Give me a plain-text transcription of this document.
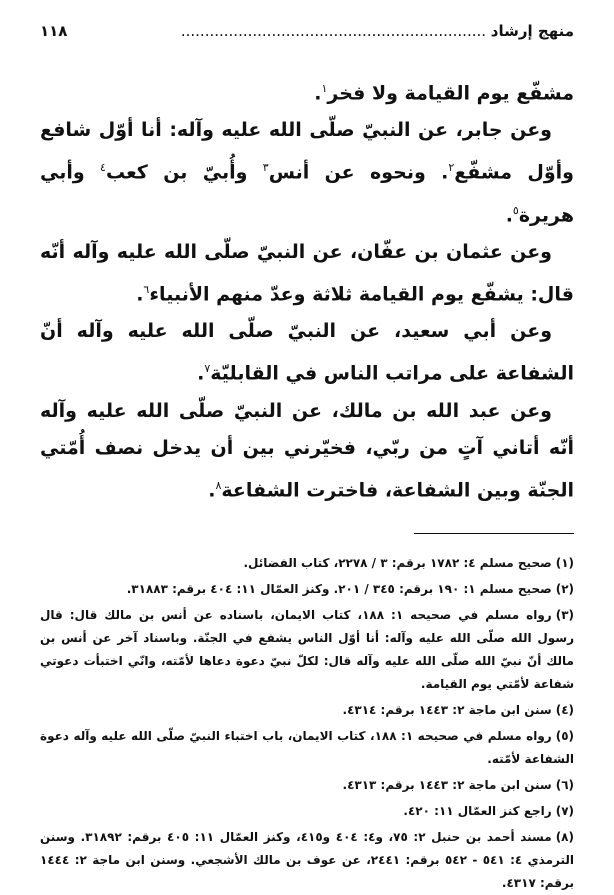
منهج إرشاد .....
١١٨

مشفّع يوم القيامة ولا فخر$^١$.

وعن جابر، عن النبيّ صلّى الله عليه وآله: أنا أوّل شافع وأوّل مشفّع$^٢$. ونحوه عن أنس$^٣$ وأُبيّ بن كعب$^٤$ وأبي هريرة$^٥$.

وعن عثمان بن عفّان، عن النبيّ صلّى الله عليه وآله أنّه قال: يشفّع يوم القيامة ثلاثة وعدّ منهم الأنبياء$^٦$.

وعن أبي سعيد، عن النبيّ صلّى الله عليه وآله أنّ الشفاعة على مراتب الناس في القابليّة$^٧$.

وعن عبد الله بن مالك، عن النبيّ صلّى الله عليه وآله أنّه أتاني آتٍ من ربّي، فخيّرني بين أن يدخل نصف أُمّتي الجنّة وبين الشفاعة، فاخترت الشفاعة$^٨$.

(١)صحيح مسلم ٤: ١٧٨٢ برقم: ٣ / ٢٢٧٨، كتاب الفضائل.
(٢)صحيح مسلم ١: ١٩٠ برقم: ٣٤٥ / ٢٠١. وكنز العمّال ١١: ٤٠٤ برقم: ٣١٨٨٣.
(٣)رواه مسلم في صحيحه ١: ١٨٨، كتاب الايمان، باسناده عن أنس بن مالك قال: قال رسول الله صلّى الله عليه وآله: أنا أوّل الناس يشفع في الجنّة. وباسناد آخر عن أنس بن مالك أنّ نبيّ الله صلّى الله عليه وآله قال: لكلّ نبيّ دعوة دعاها لأمّته، وانّي اختبأت دعوتي شفاعة لأمّتي يوم القيامة.
(٤)سنن ابن ماجة ٢: ١٤٤٣ برقم: ٤٣١٤.
(٥)رواه مسلم في صحيحه ١: ١٨٨، كتاب الايمان، باب اختباء النبيّ صلّى الله عليه وآله دعوة الشفاعة لأمّته.
(٦)سنن ابن ماجة ٢: ١٤٤٣ برقم: ٤٣١٣.
(٧)راجع كنز العمّال ١١: ٤٢٠.
(٨)مسند أحمد بن حنبل ٢: ٧٥، و٤: ٤٠٤ و٤١٥، وكنز العمّال ١١: ٤٠٥ برقم: ٣١٨٩٢. وسنن الترمذي ٤: ٥٤١ - ٥٤٢ برقم: ٢٤٤١، عن عوف بن مالك الأشجعي. وسنن ابن ماجة ٢: ١٤٤٤ برقم: ٤٣١٧.
